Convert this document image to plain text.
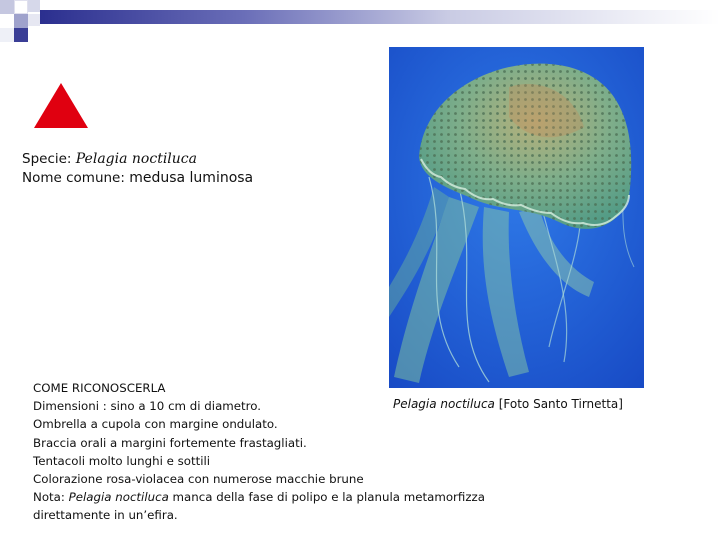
Specie: Pelagia noctiluca
Nome comune: medusa luminosa
Pelagia noctiluca [Foto Santo Tirnetta]
COME RICONOSCERLA
Dimensioni : sino a 10 cm di diametro.
Ombrella a cupola con margine ondulato.
Braccia orali a margini fortemente frastagliati.
Tentacoli molto lunghi e sottili
Colorazione rosa-violacea con numerose macchie brune
Nota: Pelagia noctiluca manca della fase di polipo e la planula metamorfizza
direttamente in un’efira.
